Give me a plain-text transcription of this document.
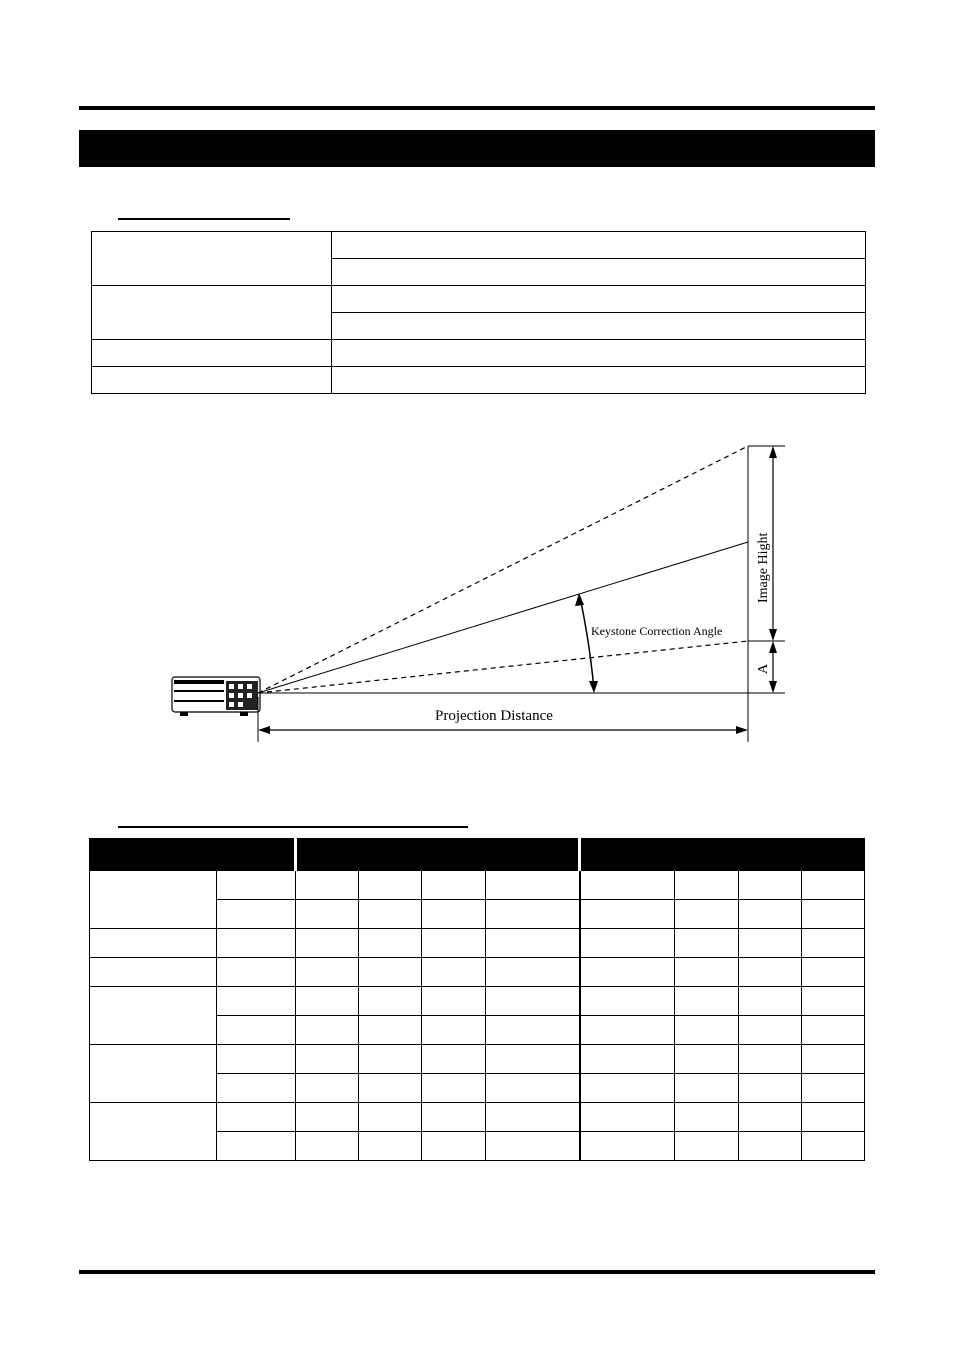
Keystone Correction Angle
Image Hight
A
Projection Distance
